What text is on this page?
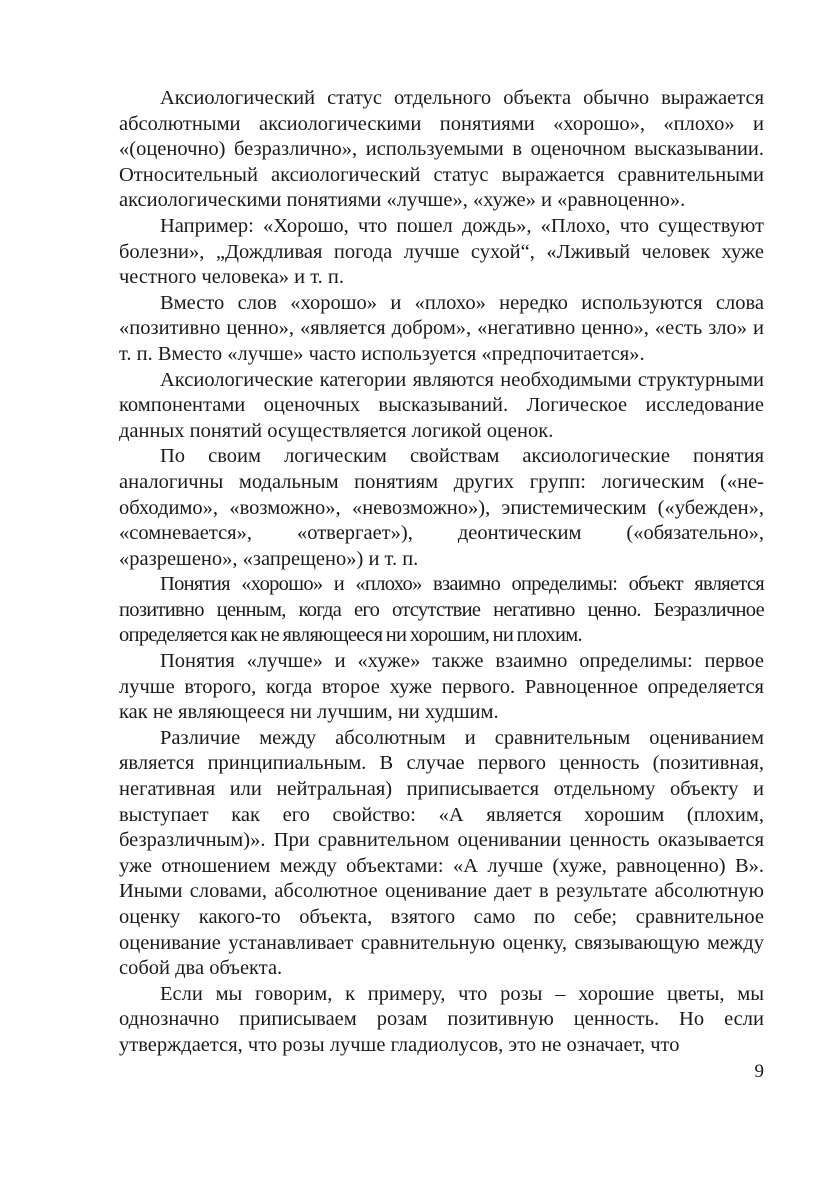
Аксиологический статус отдельного объекта обычно выражается абсолютными аксиологическими понятиями «хорошо», «плохо» и «(оценочно) безразлично», используемыми в оценочном высказывании. Относительный аксиологический статус выражается сравнительными аксиологическими понятиями «лучше», «хуже» и «равноценно».

Например: «Хорошо, что пошел дождь», «Плохо, что существуют болезни», „Дождливая погода лучше сухой“, «Лживый человек хуже честного человека» и т. п.

Вместо слов «хорошо» и «плохо» нередко используются слова «позитивно ценно», «является добром», «негативно ценно», «есть зло» и т. п. Вместо «лучше» часто используется «предпочитается».

Аксиологические категории являются необходимыми структурными компонентами оценочных высказываний. Логическое исследование данных понятий осуществляется логикой оценок.

По своим логическим свойствам аксиологические понятия аналогичны модальным понятиям других групп: логическим («необходимо», «возможно», «невозможно»), эпистемическим («убежден», «сомневается», «отвергает»), деонтическим («обязательно», «разрешено», «запрещено») и т. п.

Понятия «хорошо» и «плохо» взаимно определимы: объект является позитивно ценным, когда его отсутствие негативно ценно. Безразличное определяется как не являющееся ни хорошим, ни плохим.

Понятия «лучше» и «хуже» также взаимно определимы: первое лучше второго, когда второе хуже первого. Равноценное определяется как не являющееся ни лучшим, ни худшим.

Различие между абсолютным и сравнительным оцениванием является принципиальным. В случае первого ценность (позитивная, негативная или нейтральная) приписывается отдельному объекту и выступает как его свойство: «А является хорошим (плохим, безразличным)». При сравнительном оценивании ценность оказывается уже отношением между объектами: «А лучше (хуже, равноценно) В». Иными словами, абсолютное оценивание дает в результате абсолютную оценку какого-то объекта, взятого само по себе; сравнительное оценивание устанавливает сравнительную оценку, связывающую между собой два объекта.

Если мы говорим, к примеру, что розы – хорошие цветы, мы однозначно приписываем розам позитивную ценность. Но если утверждается, что розы лучше гладиолусов, это не означает, что

9
